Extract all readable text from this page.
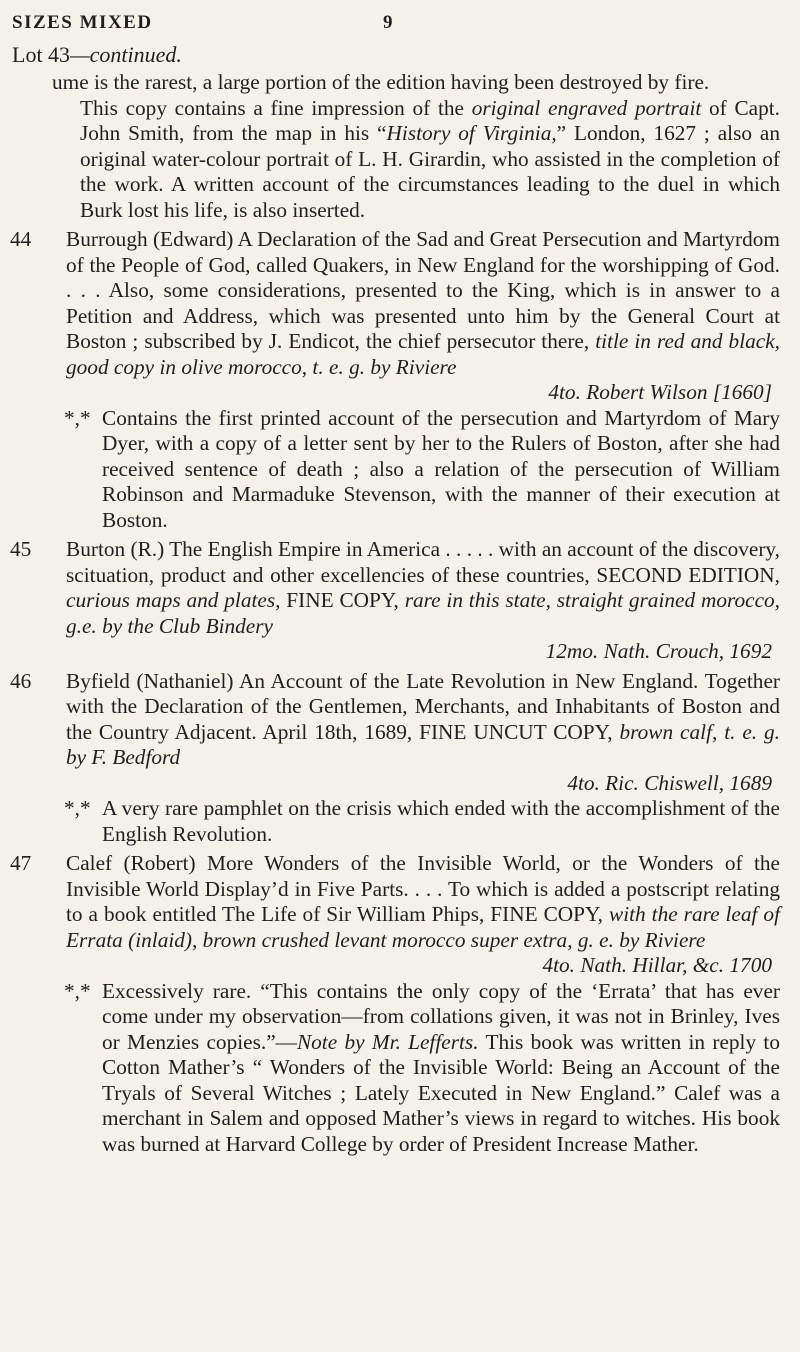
SIZES MIXED	9
Lot 43—continued.

ume is the rarest, a large portion of the edition having been destroyed by fire.

This copy contains a fine impression of the original engraved portrait of Capt. John Smith, from the map in his “History of Virginia,” London, 1627 ; also an original water-colour portrait of L. H. Girardin, who assisted in the completion of the work. A written account of the circumstances leading to the duel in which Burk lost his life, is also inserted.

44	Burrough (Edward) A Declaration of the Sad and Great Persecution and Martyrdom of the People of God, called Quakers, in New England for the worshipping of God. . . . Also, some considerations, presented to the King, which is in answer to a Petition and Address, which was presented unto him by the General Court at Boston ; subscribed by J. Endicot, the chief persecutor there, title in red and black, good copy in olive morocco, t. e. g. by Riviere
4to. Robert Wilson [1660]
*,* Contains the first printed account of the persecution and Martyrdom of Mary Dyer, with a copy of a letter sent by her to the Rulers of Boston, after she had received sentence of death ; also a relation of the persecution of William Robinson and Marmaduke Stevenson, with the manner of their execution at Boston.
45	Burton (R.) The English Empire in America . . . . . with an account of the discovery, scituation, product and other excellencies of these countries, SECOND EDITION, curious maps and plates, FINE COPY, rare in this state, straight grained morocco, g.e. by the Club Bindery
12mo. Nath. Crouch, 1692
46	Byfield (Nathaniel) An Account of the Late Revolution in New England. Together with the Declaration of the Gentlemen, Merchants, and Inhabitants of Boston and the Country Adjacent. April 18th, 1689, FINE UNCUT COPY, brown calf, t. e. g. by F. Bedford
4to. Ric. Chiswell, 1689
*,* A very rare pamphlet on the crisis which ended with the accomplishment of the English Revolution.
47	Calef (Robert) More Wonders of the Invisible World, or the Wonders of the Invisible World Display’d in Five Parts. . . . To which is added a postscript relating to a book entitled The Life of Sir William Phips, FINE COPY, with the rare leaf of Errata (inlaid), brown crushed levant morocco super extra, g. e. by Riviere
4to. Nath. Hillar, &c. 1700
*,* Excessively rare. “This contains the only copy of the ‘Errata’ that has ever come under my observation—from collations given, it was not in Brinley, Ives or Menzies copies.”—Note by Mr. Lefferts. This book was written in reply to Cotton Mather’s “ Wonders of the Invisible World: Being an Account of the Tryals of Several Witches ; Lately Executed in New England.” Calef was a merchant in Salem and opposed Mather’s views in regard to witches. His book was burned at Harvard College by order of President Increase Mather.
